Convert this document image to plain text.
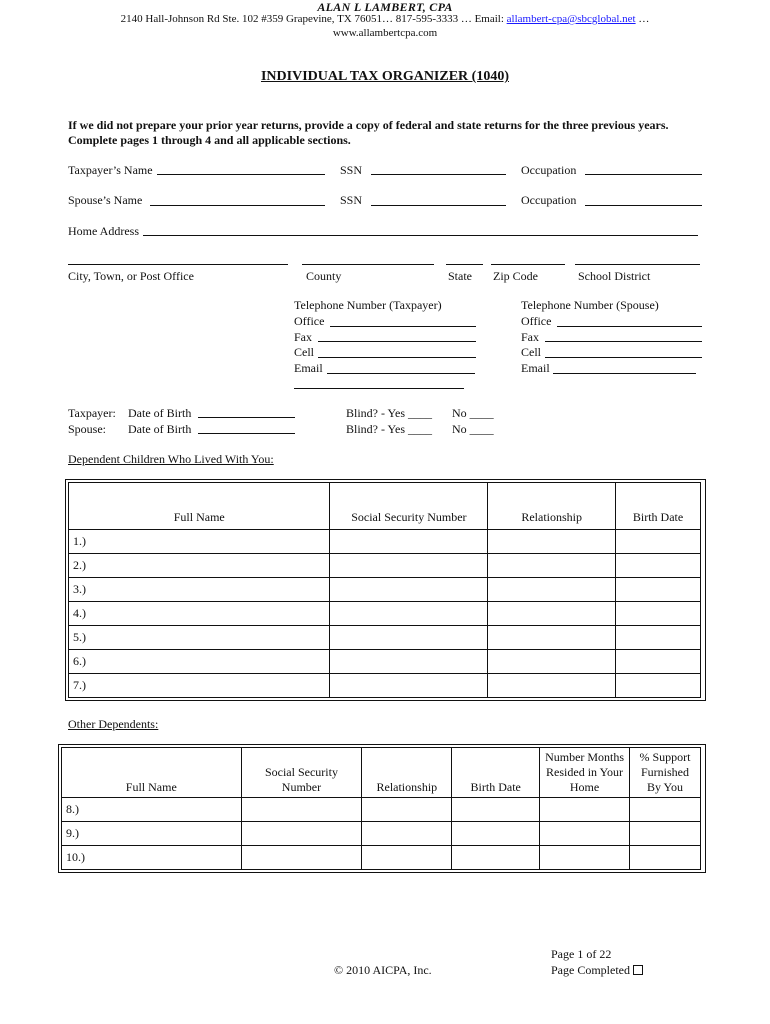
ALAN L LAMBERT, CPA
2140 Hall-Johnson Rd Ste. 102 #359 Grapevine, TX 76051… 817-595-3333 … Email: allambert-cpa@sbcglobal.net …
www.allambertcpa.com
INDIVIDUAL TAX ORGANIZER (1040)
If we did not prepare your prior year returns, provide a copy of federal and state returns for the three previous years. Complete pages 1 through 4 and all applicable sections.
Taxpayer’s Name	SSN	Occupation
Spouse’s Name	SSN	Occupation
Home Address
City, Town, or Post Office	County	State Zip Code	School District
Telephone Number (Taxpayer)
Office
Fax
Cell
Email
Telephone Number (Spouse)
Office
Fax
Cell
Email
Taxpayer: Date of Birth	Blind? - Yes ____ No ____
Spouse: Date of Birth	Blind? - Yes ____ No ____
Dependent Children Who Lived With You:
Full Name	Social Security Number	Relationship	Birth Date
1.)			
2.)			
3.)			
4.)			
5.)			
6.)			
7.)			
Other Dependents:
Full Name	Social Security Number	Relationship	Birth Date	Number Months Resided in Your Home	% Support Furnished By You
8.)					
9.)					
10.)					
© 2010 AICPA, Inc.
Page 1 of 22
Page Completed
